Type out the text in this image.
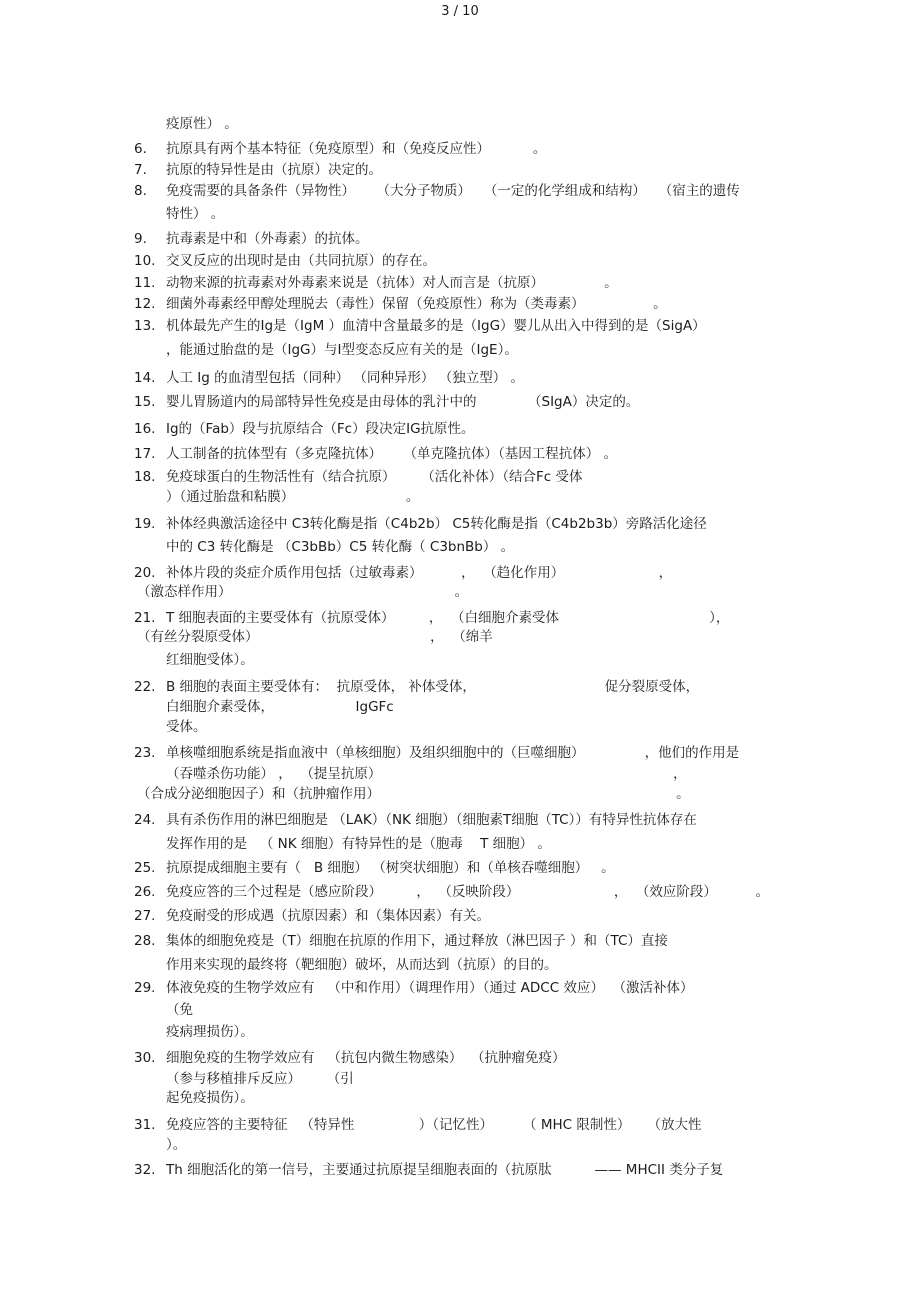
3 / 10
疫原性） 。
6. 抗原具有两个基本特征（免疫原型）和（免疫反应性）          。
7. 抗原的特异性是由（抗原）决定的。
8. 免疫需要的具备条件（异物性）     （大分子物质）   （一定的化学组成和结构）   （宿主的遗传
特性） 。
9. 抗毒素是中和（外毒素）的抗体。
10. 交叉反应的出现时是由（共同抗原）的存在。
11. 动物来源的抗毒素对外毒素来说是（抗体）对人而言是（抗原）              。
12. 细菌外毒素经甲醇处理脱去（毒性）保留（免疫原性）称为（类毒素）                。
13. 机体最先产生的Ig是（IgM ）血清中含量最多的是（IgG）婴儿从出入中得到的是（SigA）
，能通过胎盘的是（IgG）与I型变态反应有关的是（IgE）。
14. 人工 Ig 的血清型包括（同种） （同种异形） （独立型） 。
15. 婴儿胃肠道内的局部特异性免疫是由母体的乳汁中的            （SIgA）决定的。
16. Ig的（Fab）段与抗原结合（Fc）段决定IG抗原性。
17. 人工制备的抗体型有（多克隆抗体）     （单克隆抗体）（基因工程抗体） 。
18. 免疫球蛋白的生物活性有（结合抗原）      （活化补体）（结合Fc 受体
）（通过胎盘和粘膜）                          。
19. 补体经典激活途径中 C3转化酶是指（C4b2b） C5转化酶是指（C4b2b3b）旁路活化途径
中的 C3 转化酶是 （C3bBb）C5 转化酶（ C3bnBb） 。
20. 补体片段的炎症介质作用包括（过敏毒素）         ，  （趋化作用）                      ，
（激态样作用）                                                    。
21. T 细胞表面的主要受体有（抗原受体）        ，  （白细胞介素受体                                   ），
（有丝分裂原受体）                                        ，  （绵羊
红细胞受体）。
22. B 细胞的表面主要受体有：  抗原受体， 补体受体，                              促分裂原受体，
白细胞介素受体，                   IgGFc
受体。
23. 单核噬细胞系统是指血液中（单核细胞）及组织细胞中的（巨噬细胞）              ，他们的作用是
（吞噬杀伤功能） ，  （提呈抗原）                                                                    ，
（合成分泌细胞因子）和（抗肿瘤作用）                                                                     。
24. 具有杀伤作用的淋巴细胞是 （LAK）（NK 细胞）（细胞素T细胞（TC））有特异性抗体存在
发挥作用的是   （ NK 细胞）有特异性的是（胞毒    T 细胞） 。
25. 抗原提成细胞主要有（   B 细胞） （树突状细胞）和（单核吞噬细胞）   。
26. 免疫应答的三个过程是（感应阶段）        ，  （反映阶段）                      ，  （效应阶段）         。
27. 免疫耐受的形成遇（抗原因素）和（集体因素）有关。
28. 集体的细胞免疫是（T）细胞在抗原的作用下，通过释放（淋巴因子 ）和（TC）直接
作用来实现的最终将（靶细胞）破坏，从而达到（抗原）的目的。
29. 体液免疫的生物学效应有   （中和作用）（调理作用）（通过 ADCC 效应）  （激活补体）
（免
疫病理损伤）。
30. 细胞免疫的生物学效应有   （抗包内微生物感染）  （抗肿瘤免疫）
（参与移植排斥反应）      （引
起免疫损伤）。
31. 免疫应答的主要特征   （特异性               ）（记忆性）       （ MHC 限制性）    （放大性
）。
32. Th 细胞活化的第一信号，主要通过抗原提呈细胞表面的（抗原肽          —— MHCII 类分子复
